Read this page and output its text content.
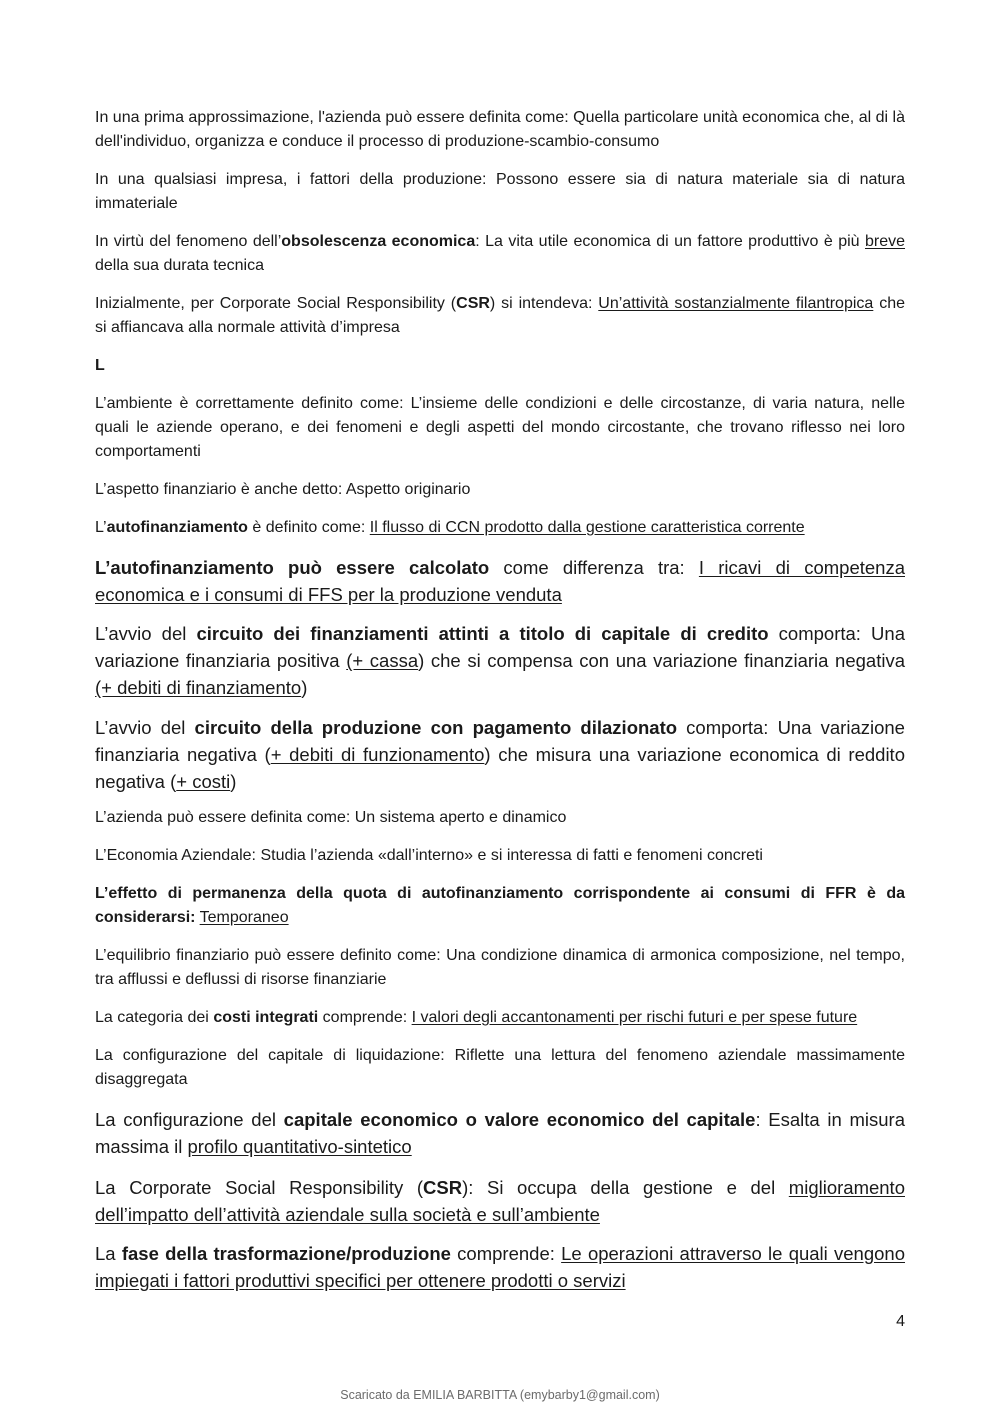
In una prima approssimazione, l'azienda può essere definita come: Quella particolare unità economica che, al di là dell'individuo, organizza e conduce il processo di produzione-scambio-consumo

In una qualsiasi impresa, i fattori della produzione: Possono essere sia di natura materiale sia di natura immateriale

In virtù del fenomeno dell’obsolescenza economica: La vita utile economica di un fattore produttivo è più breve della sua durata tecnica

Inizialmente, per Corporate Social Responsibility (CSR) si intendeva: Un’attività sostanzialmente filantropica che si affiancava alla normale attività d’impresa

L

L’ambiente è correttamente definito come: L’insieme delle condizioni e delle circostanze, di varia natura, nelle quali le aziende operano, e dei fenomeni e degli aspetti del mondo circostante, che trovano riflesso nei loro comportamenti

L’aspetto finanziario è anche detto: Aspetto originario

L’autofinanziamento è definito come: Il flusso di CCN prodotto dalla gestione caratteristica corrente

L’autofinanziamento può essere calcolato come differenza tra: I ricavi di competenza economica e i consumi di FFS per la produzione venduta

L’avvio del circuito dei finanziamenti attinti a titolo di capitale di credito comporta: Una variazione finanziaria positiva (+ cassa) che si compensa con una variazione finanziaria negativa (+ debiti di finanziamento)

L’avvio del circuito della produzione con pagamento dilazionato comporta: Una variazione finanziaria negativa (+ debiti di funzionamento) che misura una variazione economica di reddito negativa (+ costi)

L’azienda può essere definita come: Un sistema aperto e dinamico

L’Economia Aziendale: Studia l’azienda «dall’interno» e si interessa di fatti e fenomeni concreti

L’effetto di permanenza della quota di autofinanziamento corrispondente ai consumi di FFR è da considerarsi: Temporaneo

L’equilibrio finanziario può essere definito come: Una condizione dinamica di armonica composizione, nel tempo, tra afflussi e deflussi di risorse finanziarie

La categoria dei costi integrati comprende: I valori degli accantonamenti per rischi futuri e per spese future

La configurazione del capitale di liquidazione: Riflette una lettura del fenomeno aziendale massimamente disaggregata

La configurazione del capitale economico o valore economico del capitale: Esalta in misura massima il profilo quantitativo-sintetico

La Corporate Social Responsibility (CSR): Si occupa della gestione e del miglioramento dell’impatto dell’attività aziendale sulla società e sull’ambiente

La fase della trasformazione/produzione comprende: Le operazioni attraverso le quali vengono impiegati i fattori produttivi specifici per ottenere prodotti o servizi

4
Scaricato da EMILIA BARBITTA (emybarby1@gmail.com)
